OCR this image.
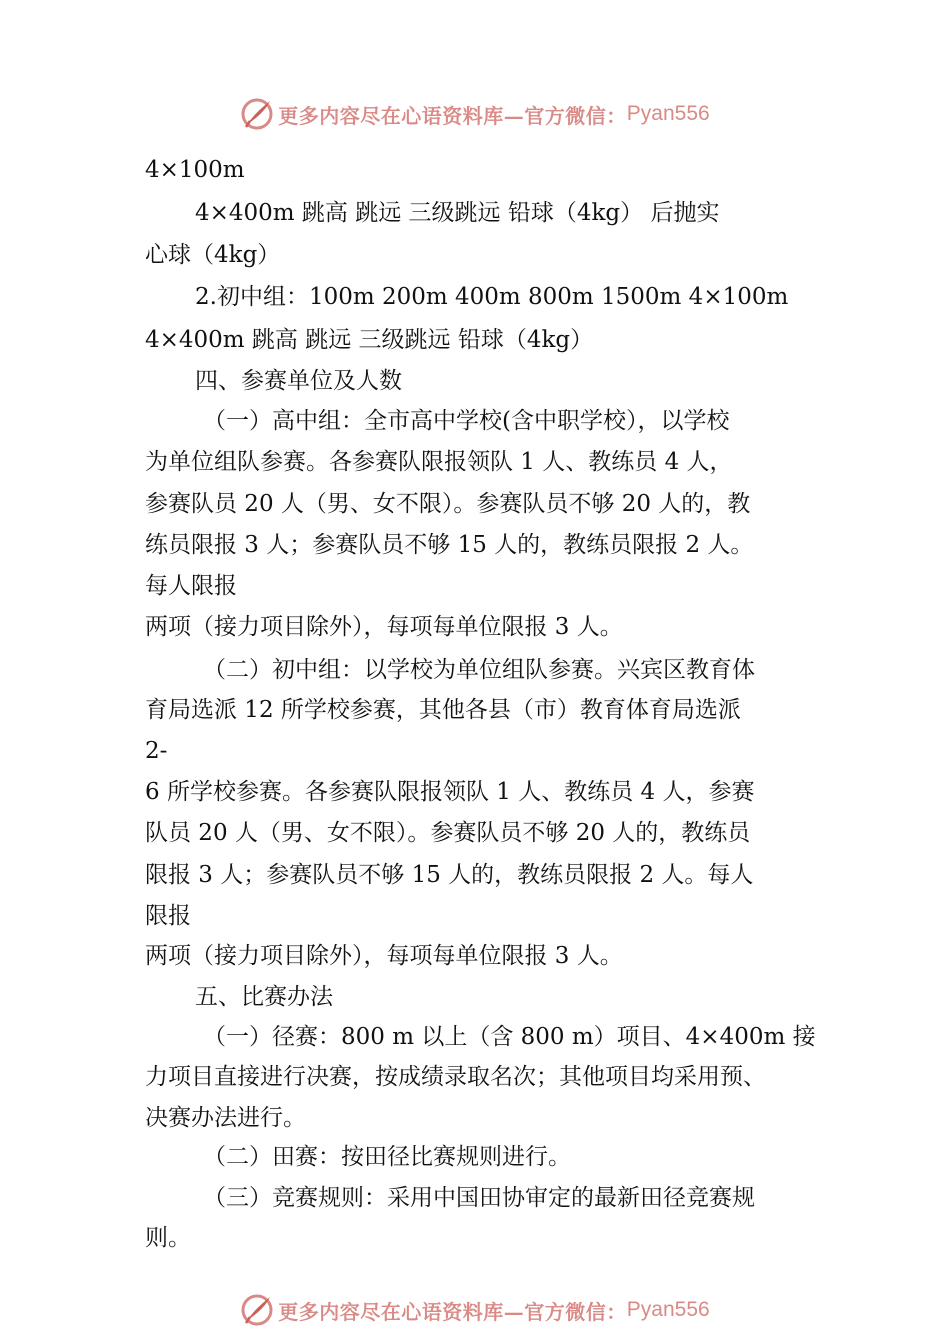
更多内容尽在心语资料库—官方微信： Pyan556
4×100m
4×400m 跳高 跳远 三级跳远 铅球（4kg） 后抛实
心球（4kg）
2.初中组：100m 200m 400m 800m 1500m 4×100m
4×400m 跳高 跳远 三级跳远 铅球（4kg）
四、参赛单位及人数
（一）高中组：全市高中学校(含中职学校），以学校
为单位组队参赛。各参赛队限报领队 1 人、教练员 4 人，
参赛队员 20 人（男、女不限）。参赛队员不够 20 人的，教
练员限报 3 人；参赛队员不够 15 人的，教练员限报 2 人。
每人限报
两项（接力项目除外），每项每单位限报 3 人。
（二）初中组：以学校为单位组队参赛。兴宾区教育体
育局选派 12 所学校参赛，其他各县（市）教育体育局选派
2-
6 所学校参赛。各参赛队限报领队 1 人、教练员 4 人，参赛
队员 20 人（男、女不限）。参赛队员不够 20 人的，教练员
限报 3 人；参赛队员不够 15 人的，教练员限报 2 人。每人
限报
两项（接力项目除外），每项每单位限报 3 人。
五、比赛办法
（一）径赛：800 m 以上（含 800 m）项目、4×400m 接
力项目直接进行决赛，按成绩录取名次；其他项目均采用预、
决赛办法进行。
（二）田赛：按田径比赛规则进行。
（三）竞赛规则：采用中国田协审定的最新田径竞赛规
则。
更多内容尽在心语资料库—官方微信： Pyan556
